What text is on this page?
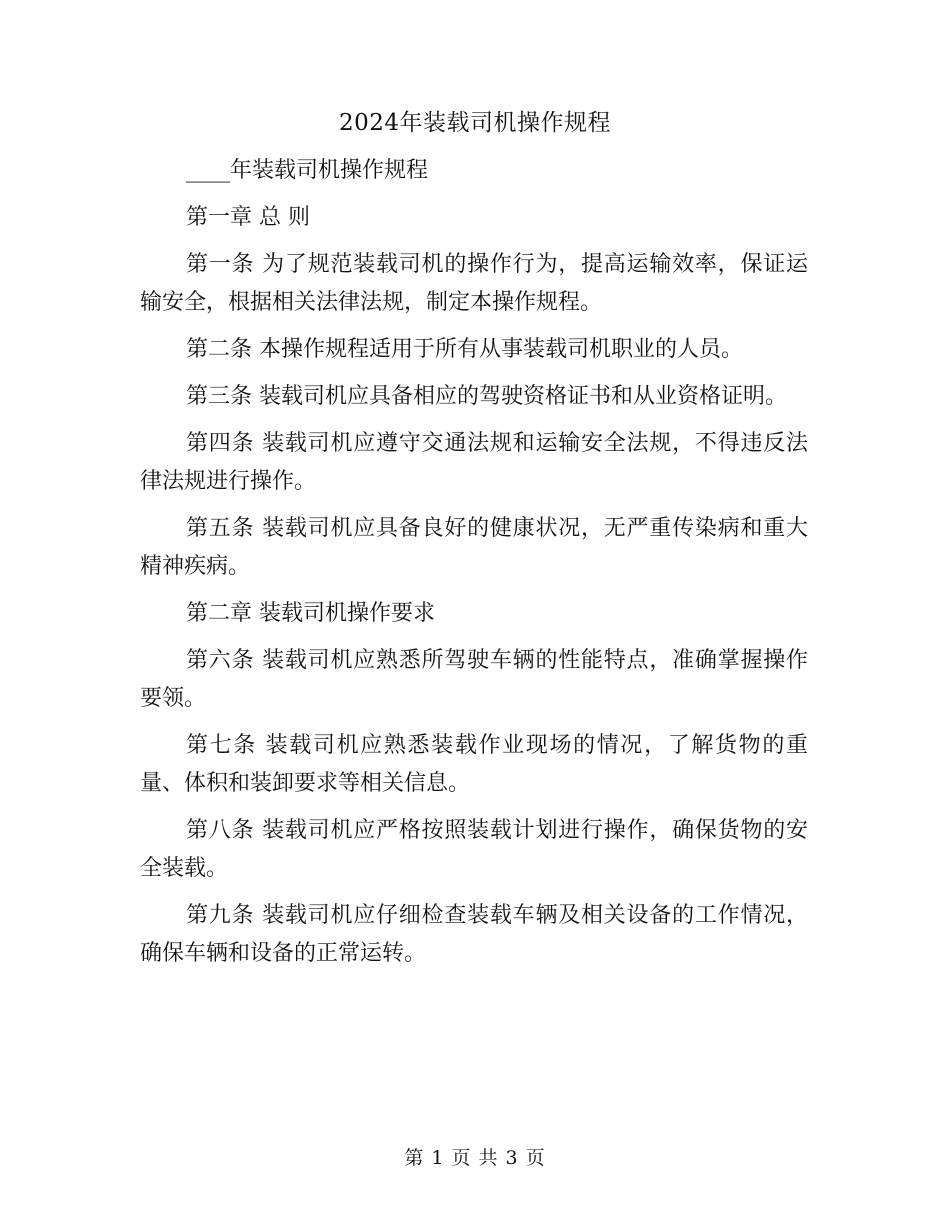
2024年装载司机操作规程

____年装载司机操作规程

第一章 总 则

第一条 为了规范装载司机的操作行为，提高运输效率，保证运输安全，根据相关法律法规，制定本操作规程。

第二条 本操作规程适用于所有从事装载司机职业的人员。

第三条 装载司机应具备相应的驾驶资格证书和从业资格证明。

第四条 装载司机应遵守交通法规和运输安全法规，不得违反法律法规进行操作。

第五条 装载司机应具备良好的健康状况，无严重传染病和重大精神疾病。

第二章 装载司机操作要求

第六条 装载司机应熟悉所驾驶车辆的性能特点，准确掌握操作要领。

第七条 装载司机应熟悉装载作业现场的情况，了解货物的重量、体积和装卸要求等相关信息。

第八条 装载司机应严格按照装载计划进行操作，确保货物的安全装载。

第九条 装载司机应仔细检查装载车辆及相关设备的工作情况，确保车辆和设备的正常运转。

第 1 页 共 3 页
